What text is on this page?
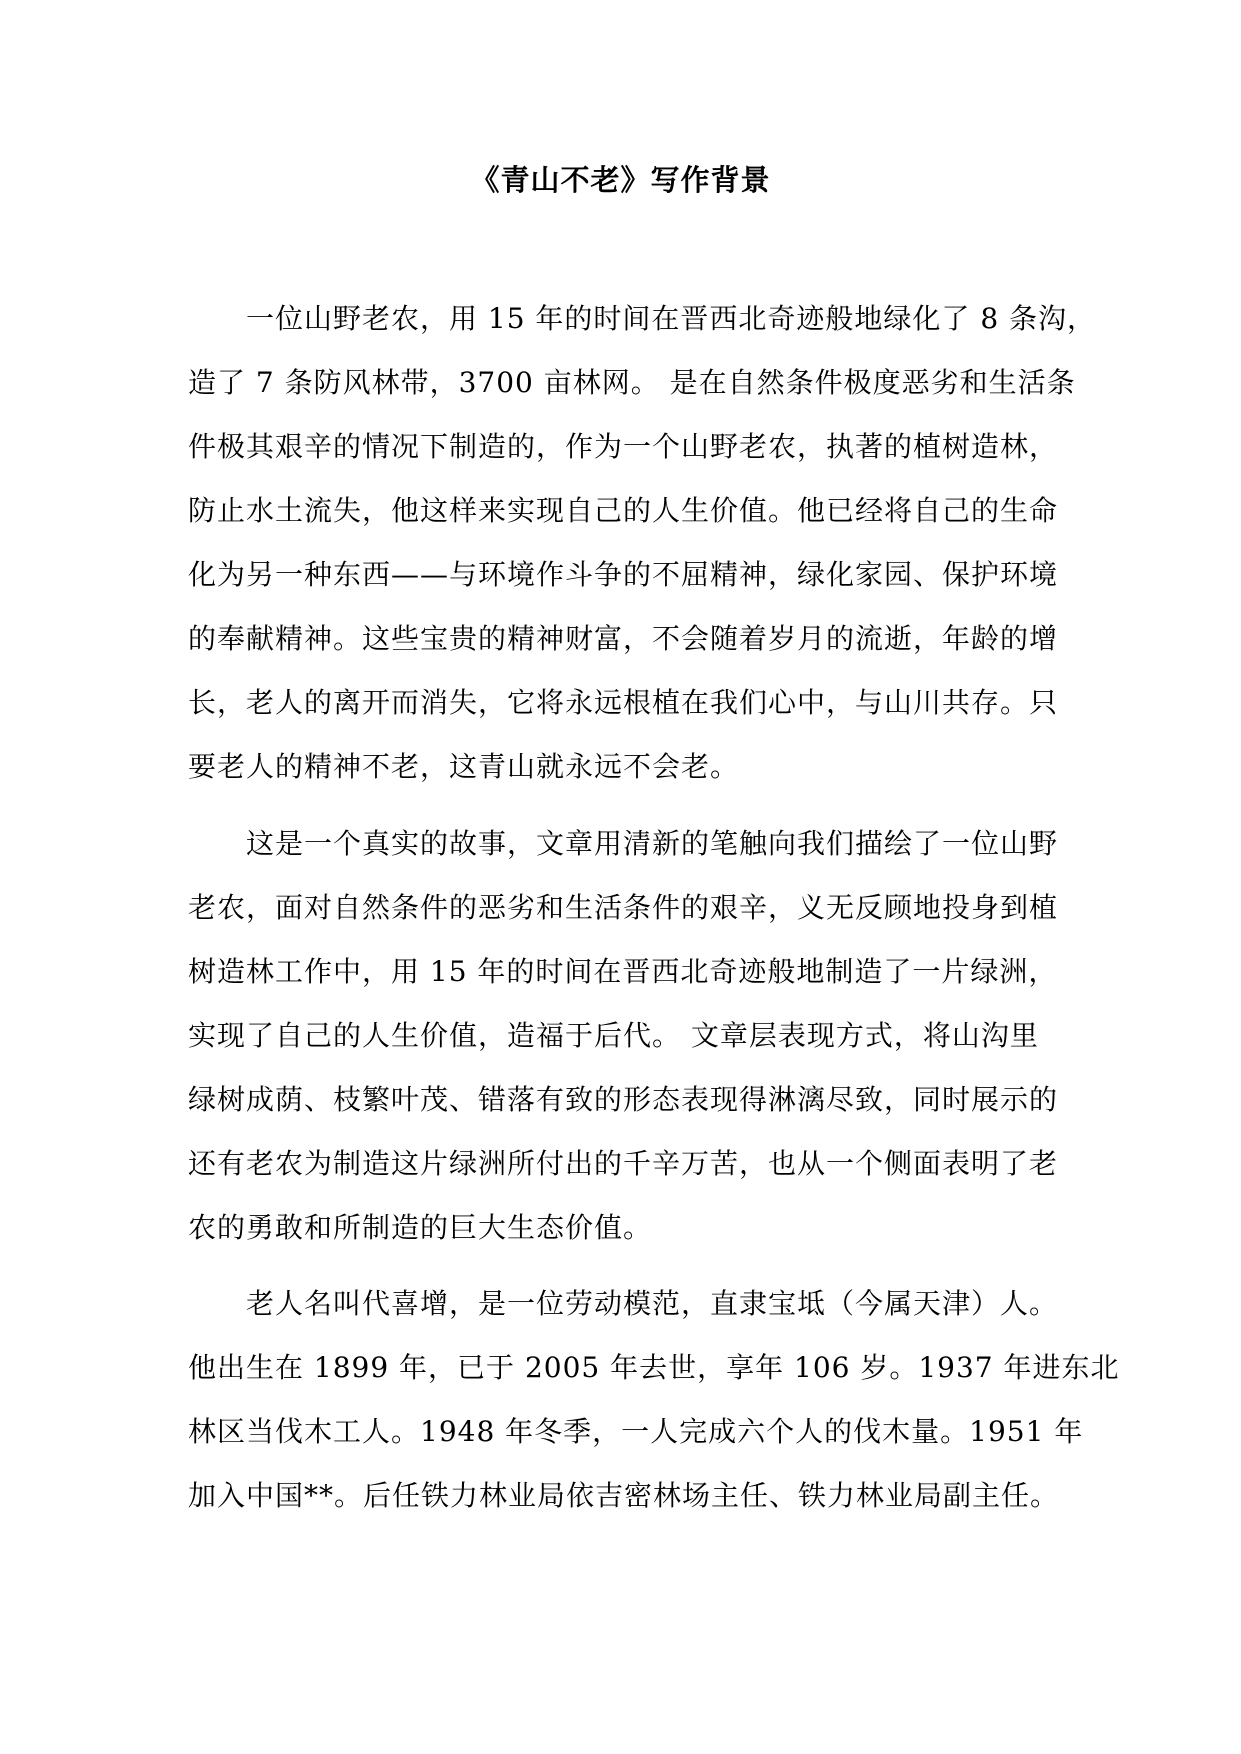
《青山不老》写作背景
一位山野老农，用 15 年的时间在晋西北奇迹般地绿化了 8 条沟，
造了 7 条防风林带，3700 亩林网。 是在自然条件极度恶劣和生活条
件极其艰辛的情况下制造的，作为一个山野老农，执著的植树造林，
防止水土流失，他这样来实现自己的人生价值。他已经将自己的生命
化为另一种东西——与环境作斗争的不屈精神，绿化家园、保护环境
的奉献精神。这些宝贵的精神财富，不会随着岁月的流逝，年龄的增
长，老人的离开而消失，它将永远根植在我们心中，与山川共存。只
要老人的精神不老，这青山就永远不会老。
这是一个真实的故事，文章用清新的笔触向我们描绘了一位山野
老农，面对自然条件的恶劣和生活条件的艰辛，义无反顾地投身到植
树造林工作中，用 15 年的时间在晋西北奇迹般地制造了一片绿洲，
实现了自己的人生价值，造福于后代。 文章层表现方式，将山沟里
绿树成荫、枝繁叶茂、错落有致的形态表现得淋漓尽致，同时展示的
还有老农为制造这片绿洲所付出的千辛万苦，也从一个侧面表明了老
农的勇敢和所制造的巨大生态价值。
老人名叫代喜增，是一位劳动模范，直隶宝坻（今属天津）人。
他出生在 1899 年，已于 2005 年去世，享年 106 岁。1937 年进东北
林区当伐木工人。1948 年冬季，一人完成六个人的伐木量。1951 年
加入中国**。后任铁力林业局依吉密林场主任、铁力林业局副主任。
